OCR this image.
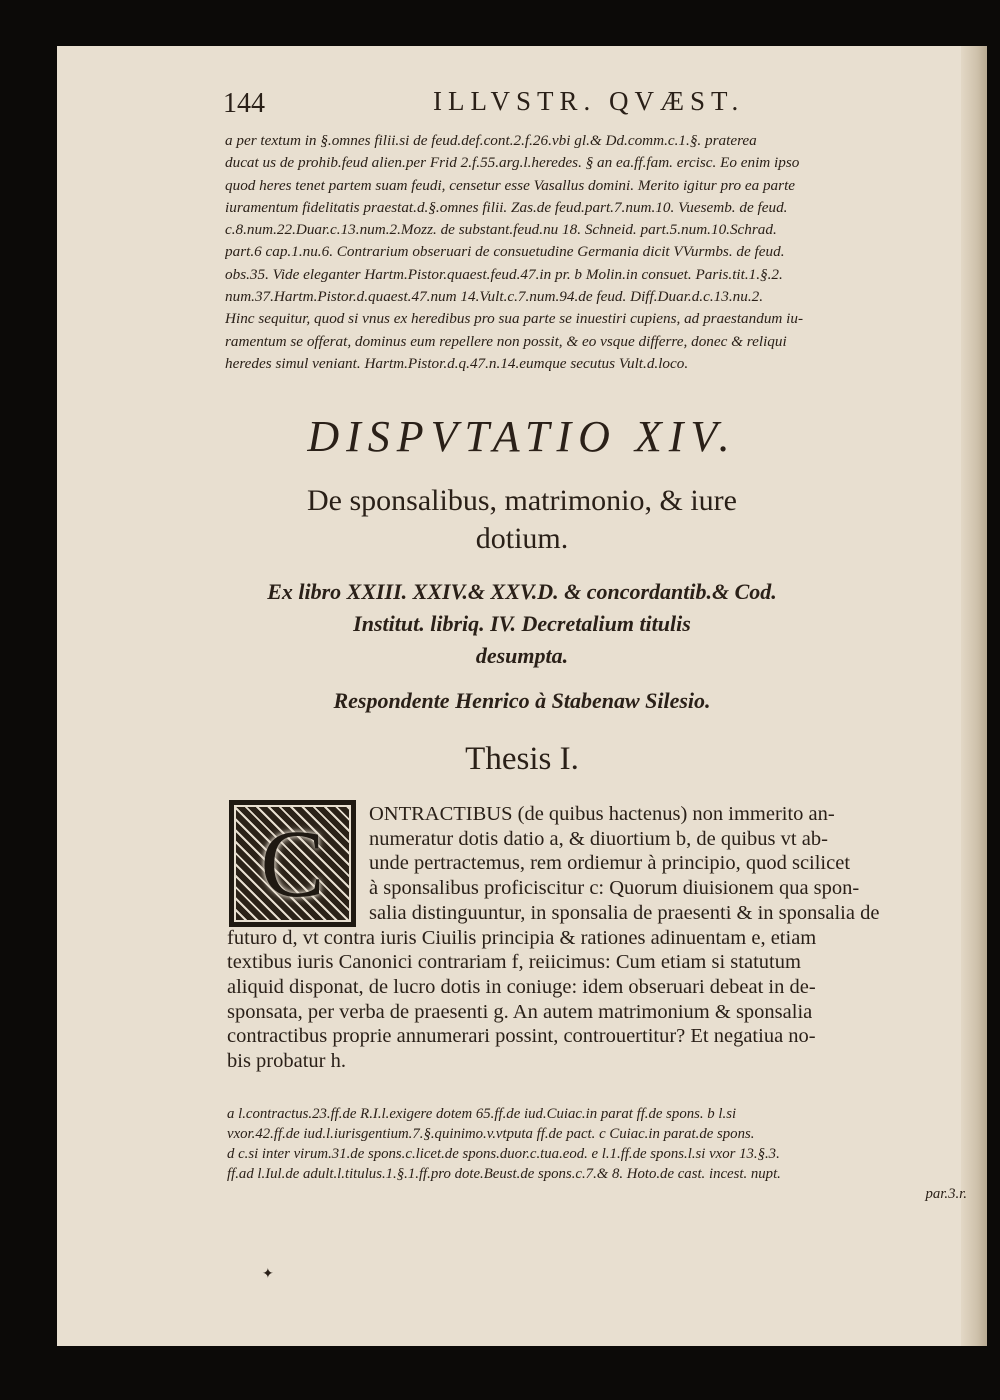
144	ILLVSTR. QVÆST.
a per textum in §.omnes filii.si de feud.def.cont.2.f.26.vbi gl.& Dd.comm.c.1.§. praterea
ducat us de prohib.feud alien.per Frid 2.f.55.arg.l.heredes. § an ea.ff.fam. ercisc. Eo enim ipso
quod heres tenet partem suam feudi, censetur esse Vasallus domini. Merito igitur pro ea parte
iuramentum fidelitatis praestat.d.§.omnes filii. Zas.de feud.part.7.num.10. Vuesemb. de feud.
c.8.num.22.Duar.c.13.num.2.Mozz. de substant.feud.nu 18. Schneid. part.5.num.10.Schrad.
part.6 cap.1.nu.6. Contrarium obseruari de consuetudine Germania dicit VVurmbs. de feud.
obs.35. Vide eleganter Hartm.Pistor.quaest.feud.47.in pr. b Molin.in consuet. Paris.tit.1.§.2.
num.37.Hartm.Pistor.d.quaest.47.num 14.Vult.c.7.num.94.de feud. Diff.Duar.d.c.13.nu.2.
Hinc sequitur, quod si vnus ex heredibus pro sua parte se inuestiri cupiens, ad praestandum iu-
ramentum se offerat, dominus eum repellere non possit, & eo vsque differre, donec & reliqui
heredes simul veniant. Hartm.Pistor.d.q.47.n.14.eumque secutus Vult.d.loco.
DISPVTATIO XIV.
De sponsalibus, matrimonio, & iure
dotium.
Ex libro XXIII. XXIV.& XXV.D. & concordantib.& Cod.
Institut. libriq. IV. Decretalium titulis
desumpta.
Respondente Henrico à Stabenaw Silesio.
Thesis I.
C	ONTRACTIBUS (de quibus hactenus) non immerito an-
numeratur dotis datio a, & diuortium b, de quibus vt ab-
unde pertractemus, rem ordiemur à principio, quod scilicet
à sponsalibus proficiscitur c: Quorum diuisionem qua spon-
salia distinguuntur, in sponsalia de praesenti & in sponsalia de
futuro d, vt contra iuris Ciuilis principia & rationes adinuentam e, etiam
textibus iuris Canonici contrariam f, reiicimus: Cum etiam si statutum
aliquid disponat, de lucro dotis in coniuge: idem obseruari debeat in de-
sponsata, per verba de praesenti g. An autem matrimonium & sponsalia
contractibus proprie annumerari possint, controuertitur? Et negatiua no-
bis probatur h.
a l.contractus.23.ff.de R.I.l.exigere dotem 65.ff.de iud.Cuiac.in parat ff.de spons. b l.si
vxor.42.ff.de iud.l.iurisgentium.7.§.quinimo.v.vtputa ff.de pact. c Cuiac.in parat.de spons.
d c.si inter virum.31.de spons.c.licet.de spons.duor.c.tua.eod. e l.1.ff.de spons.l.si vxor 13.§.3.
ff.ad l.Iul.de adult.l.titulus.1.§.1.ff.pro dote.Beust.de spons.c.7.& 8. Hoto.de cast. incest. nupt.
par.3.r.
✦
